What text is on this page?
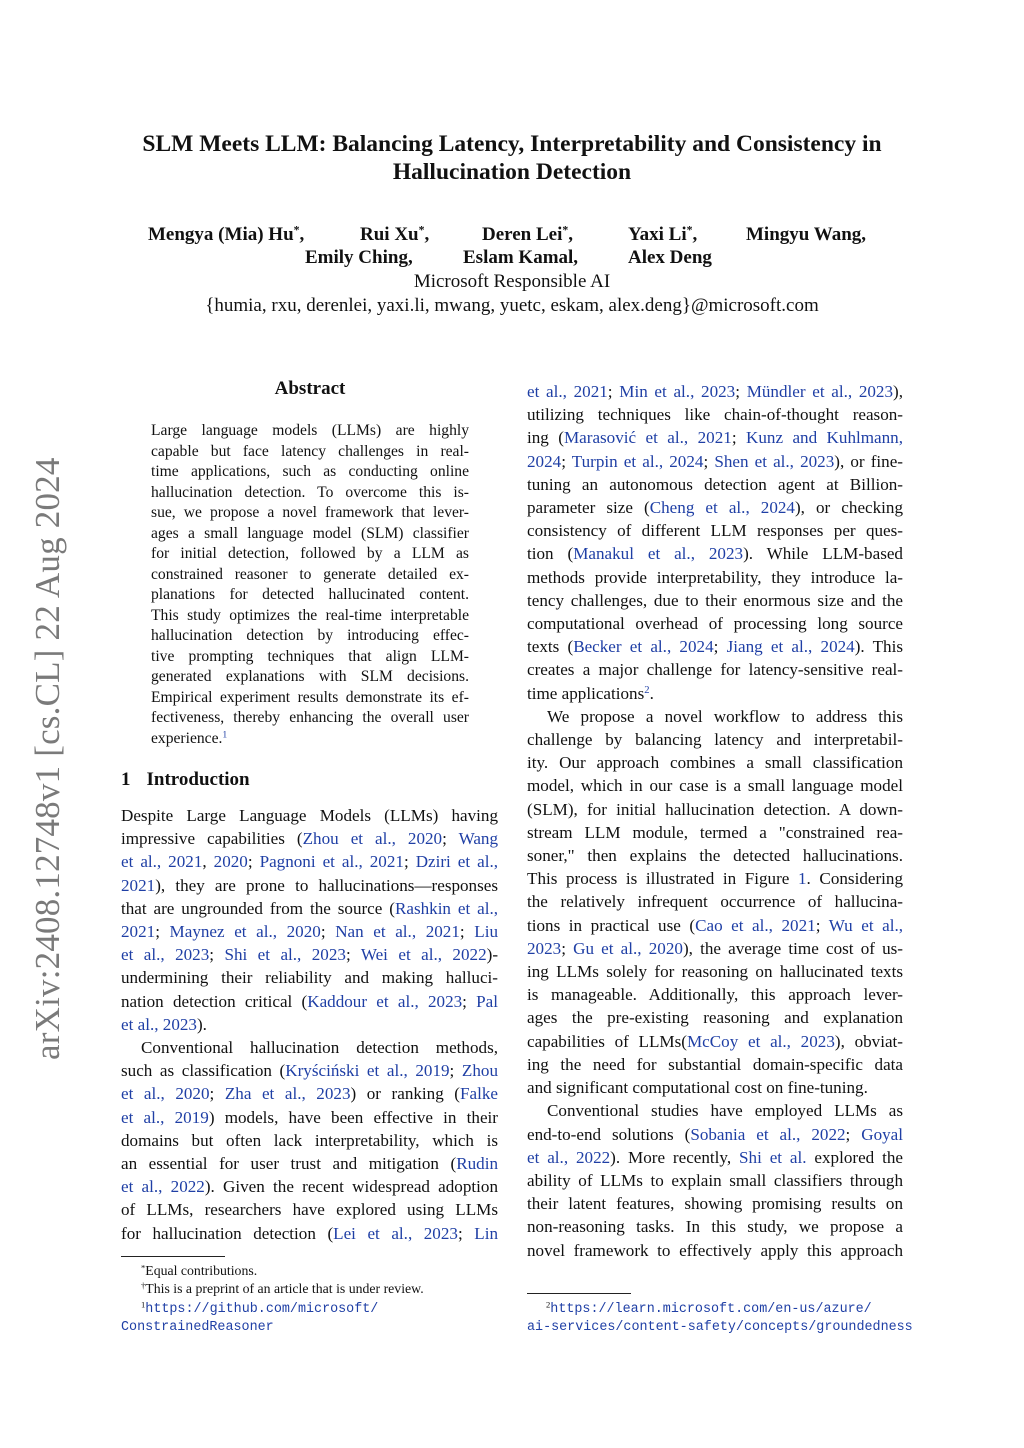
arXiv:2408.12748v1 [cs.CL] 22 Aug 2024
SLM Meets LLM: Balancing Latency, Interpretability and Consistency in
Hallucination Detection
Mengya (Mia) Hu*,	Rui Xu*,	Deren Lei*,	Yaxi Li*,	Mingyu Wang,
Emily Ching,	Eslam Kamal,	Alex Deng
Microsoft Responsible AI
{humia, rxu, derenlei, yaxi.li, mwang, yuetc, eskam, alex.deng}@microsoft.com
Abstract
Large language models (LLMs) are highly
capable but face latency challenges in real-
time applications, such as conducting online
hallucination detection. To overcome this is-
sue, we propose a novel framework that lever-
ages a small language model (SLM) classifier
for initial detection, followed by a LLM as
constrained reasoner to generate detailed ex-
planations for detected hallucinated content.
This study optimizes the real-time interpretable
hallucination detection by introducing effec-
tive prompting techniques that align LLM-
generated explanations with SLM decisions.
Empirical experiment results demonstrate its ef-
fectiveness, thereby enhancing the overall user
experience.$^1$
1 Introduction
Despite Large Language Models (LLMs) having
impressive capabilities (Zhou et al., 2020; Wang
et al., 2021, 2020; Pagnoni et al., 2021; Dziri et al.,
2021), they are prone to hallucinations—responses
that are ungrounded from the source (Rashkin et al.,
2021; Maynez et al., 2020; Nan et al., 2021; Liu
et al., 2023; Shi et al., 2023; Wei et al., 2022)-
undermining their reliability and making halluci-
nation detection critical (Kaddour et al., 2023; Pal
et al., 2023).
Conventional hallucination detection methods,
such as classification (Kryściński et al., 2019; Zhou
et al., 2020; Zha et al., 2023) or ranking (Falke
et al., 2019) models, have been effective in their
domains but often lack interpretability, which is
an essential for user trust and mitigation (Rudin
et al., 2022). Given the recent widespread adoption
of LLMs, researchers have explored using LLMs
for hallucination detection (Lei et al., 2023; Lin
et al., 2021; Min et al., 2023; Mündler et al., 2023),
utilizing techniques like chain-of-thought reason-
ing (Marasović et al., 2021; Kunz and Kuhlmann,
2024; Turpin et al., 2024; Shen et al., 2023), or fine-
tuning an autonomous detection agent at Billion-
parameter size (Cheng et al., 2024), or checking
consistency of different LLM responses per ques-
tion (Manakul et al., 2023). While LLM-based
methods provide interpretability, they introduce la-
tency challenges, due to their enormous size and the
computational overhead of processing long source
texts (Becker et al., 2024; Jiang et al., 2024). This
creates a major challenge for latency-sensitive real-
time applications$^2$.
We propose a novel workflow to address this
challenge by balancing latency and interpretabil-
ity. Our approach combines a small classification
model, which in our case is a small language model
(SLM), for initial hallucination detection. A down-
stream LLM module, termed a "constrained rea-
soner," then explains the detected hallucinations.
This process is illustrated in Figure 1. Considering
the relatively infrequent occurrence of hallucina-
tions in practical use (Cao et al., 2021; Wu et al.,
2023; Gu et al., 2020), the average time cost of us-
ing LLMs solely for reasoning on hallucinated texts
is manageable. Additionally, this approach lever-
ages the pre-existing reasoning and explanation
capabilities of LLMs(McCoy et al., 2023), obviat-
ing the need for substantial domain-specific data
and significant computational cost on fine-tuning.
Conventional studies have employed LLMs as
end-to-end solutions (Sobania et al., 2022; Goyal
et al., 2022). More recently, Shi et al. explored the
ability of LLMs to explain small classifiers through
their latent features, showing promising results on
non-reasoning tasks. In this study, we propose a
novel framework to effectively apply this approach
*Equal contributions.
†This is a preprint of an article that is under review.
$^1$https://github.com/microsoft/
ConstrainedReasoner
$^2$https://learn.microsoft.com/en-us/azure/
ai-services/content-safety/concepts/groundedness
